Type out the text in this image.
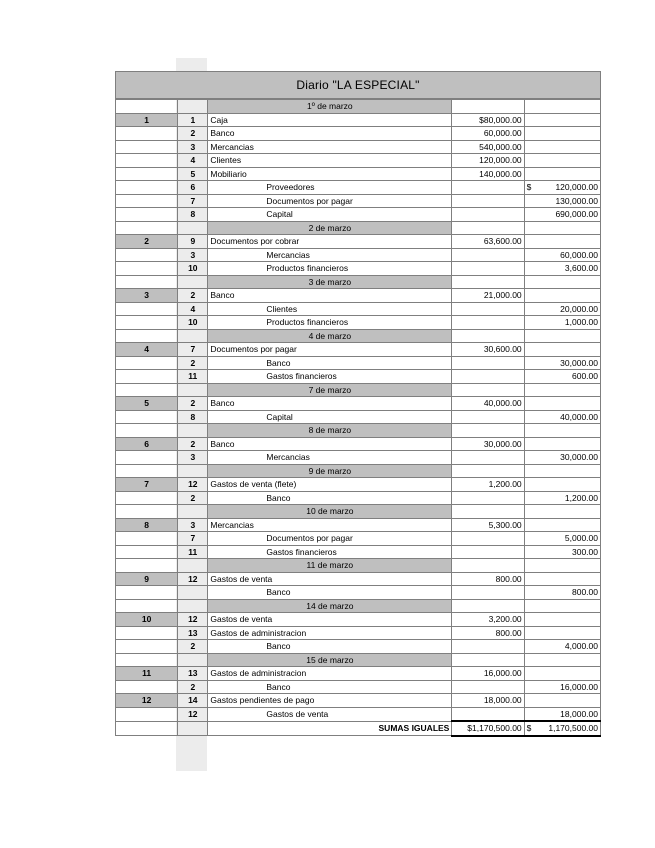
Diario "LA ESPECIAL"
		1º de marzo		
1	1	Caja	$80,000.00	
	2	Banco	60,000.00	
	3	Mercancias	540,000.00	
	4	Clientes	120,000.00	
	5	Mobiliario	140,000.00	
	6	Proveedores		$ 120,000.00
	7	Documentos por pagar		130,000.00
	8	Capital		690,000.00
		2 de marzo		
2	9	Documentos por cobrar	63,600.00	
	3	Mercancias		60,000.00
	10	Productos financieros		3,600.00
		3 de marzo		
3	2	Banco	21,000.00	
	4	Clientes		20,000.00
	10	Productos financieros		1,000.00
		4 de marzo		
4	7	Documentos por pagar	30,600.00	
	2	Banco		30,000.00
	11	Gastos financieros		600.00
		7 de marzo		
5	2	Banco	40,000.00	
	8	Capital		40,000.00
		8 de marzo		
6	2	Banco	30,000.00	
	3	Mercancias		30,000.00
		9 de marzo		
7	12	Gastos de venta (flete)	1,200.00	
	2	Banco		1,200.00
		10 de marzo		
8	3	Mercancias	5,300.00	
	7	Documentos por pagar		5,000.00
	11	Gastos financieros		300.00
		11 de marzo		
9	12	Gastos de venta	800.00	
		Banco		800.00
		14 de marzo		
10	12	Gastos de venta	3,200.00	
	13	Gastos de administracion	800.00	
	2	Banco		4,000.00
		15 de marzo		
11	13	Gastos de administracion	16,000.00	
	2	Banco		16,000.00
12	14	Gastos pendientes de pago	18,000.00	
	12	Gastos de venta		18,000.00
		SUMAS IGUALES	$1,170,500.00	$ 1,170,500.00
